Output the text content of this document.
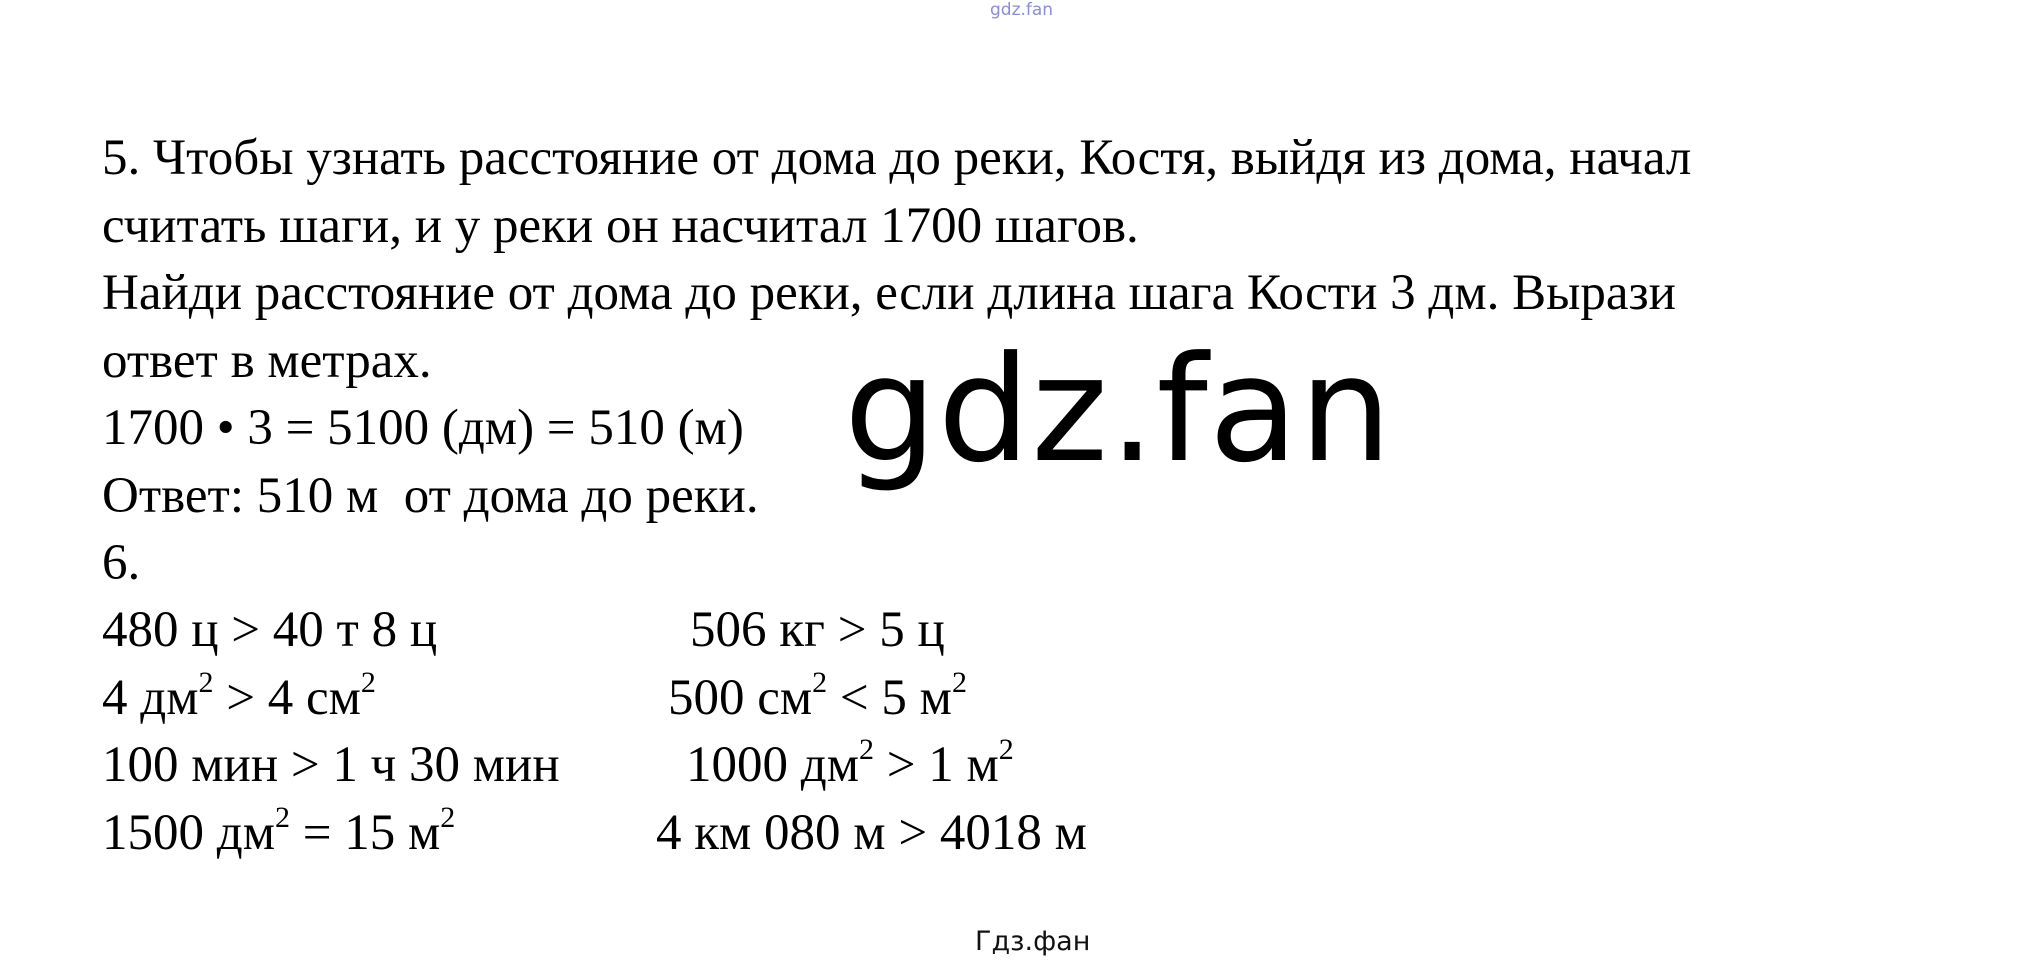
gdz.fan
5. Чтобы узнать расстояние от дома до реки, Костя, выйдя из дома, начал
считать шаги, и у реки он насчитал 1700 шагов.
Найди расстояние от дома до реки, если длина шага Кости 3 дм. Вырази
ответ в метрах.
1700 • 3 = 5100 (дм) = 510 (м)
Ответ: 510 м  от дома до реки.
6.
480 ц > 40 т 8 ц	506 кг > 5 ц
4 $дм^2 > 4$ $см^2$	500 $см^2 < 5$ $м^2$
100 мин > 1 ч 30 мин 1000 $дм^2 > 1$ $м^2$
1500 $дм^2 = 15$ $м^2$	4 км 080 м > 4018 м
gdz.fan
Гдз.фан
